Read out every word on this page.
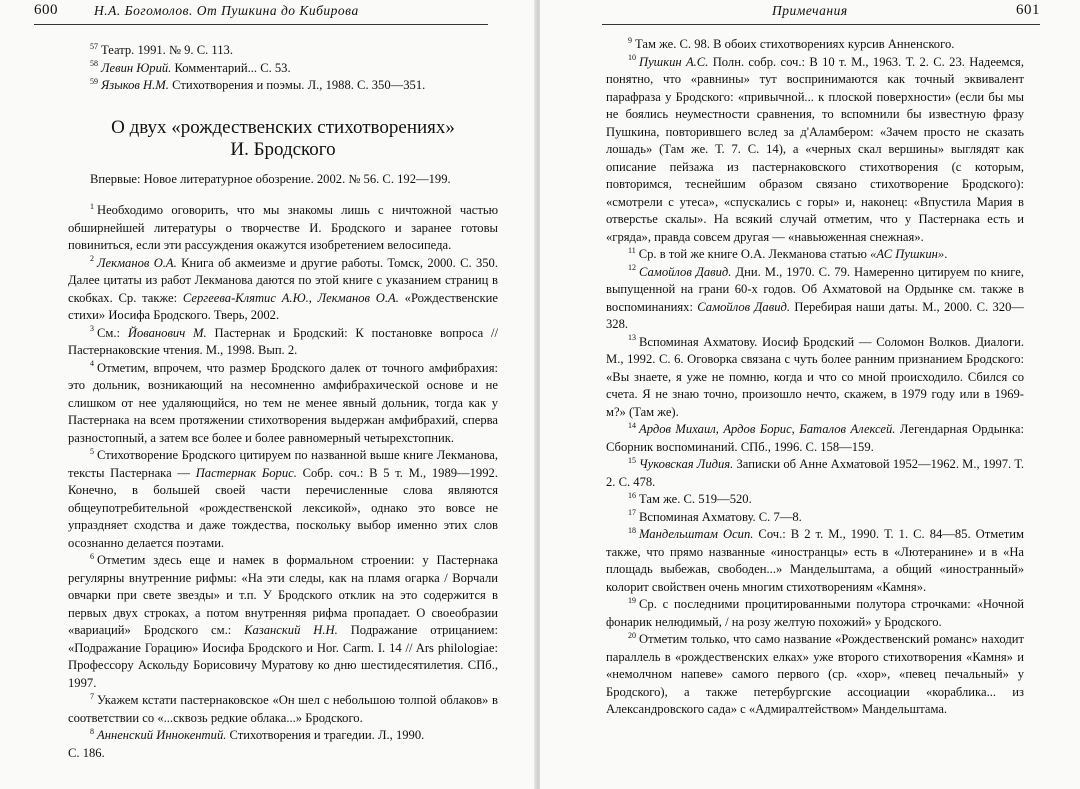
600	Н.А. Богомолов. От Пушкина до Кибирова

$^{57}$ Театр. 1991. № 9. С. 113.

$^{58}$ Левин Юрий. Комментарий... С. 53.

$^{59}$ Языков Н.М. Стихотворения и поэмы. Л., 1988. С. 350—351.

О двух «рождественских стихотворениях»
И. Бродского

Впервые: Новое литературное обозрение. 2002. № 56. С. 192—199.

$^1$ Необходимо оговорить, что мы знакомы лишь с ничтожной частью обширнейшей литературы о творчестве И. Бродского и заранее готовы повиниться, если эти рассуждения окажутся изобретением велосипеда.

$^2$ Лекманов О.А. Книга об акмеизме и другие работы. Томск, 2000. С. 350. Далее цитаты из работ Лекманова даются по этой книге с указанием страниц в скобках. Ср. также: Сергеева-Клятис А.Ю., Лекманов О.А. «Рождественские стихи» Иосифа Бродского. Тверь, 2002.

$^3$ См.: Йованович М. Пастернак и Бродский: К постановке вопроса // Пастернаковские чтения. М., 1998. Вып. 2.

$^4$ Отметим, впрочем, что размер Бродского далек от точного амфибрахия: это дольник, возникающий на несомненно амфибрахической основе и не слишком от нее удаляющийся, но тем не менее явный дольник, тогда как у Пастернака на всем протяжении стихотворения выдержан амфибрахий, сперва разностопный, а затем все более и более равномерный четырехстопник.

$^5$ Стихотворение Бродского цитируем по названной выше книге Лекманова, тексты Пастернака — Пастернак Борис. Собр. соч.: В 5 т. М., 1989—1992. Конечно, в большей своей части перечисленные слова являются общеупотребительной «рождественской лексикой», однако это вовсе не упраздняет сходства и даже тождества, поскольку выбор именно этих слов осознанно делается поэтами.

$^6$ Отметим здесь еще и намек в формальном строении: у Пастернака регулярны внутренние рифмы: «На эти следы, как на пламя огарка / Ворчали овчарки при свете звезды» и т.п. У Бродского отклик на это содержится в первых двух строках, а потом внутренняя рифма пропадает. О своеобразии «вариаций» Бродского см.: Казанский Н.Н. Подражание отрицанием: «Подражание Горацию» Иосифа Бродского и Hor. Carm. I. 14 // Ars philologiae: Профессору Аскольду Борисовичу Муратову ко дню шестидесятилетия. СПб., 1997.

$^7$ Укажем кстати пастернаковское «Он шел с небольшою толпой облаков» в соответствии со «...сквозь редкие облака...» Бродского.

$^8$ Анненский Иннокентий. Стихотворения и трагедии. Л., 1990.

С. 186.

Примечания	601

$^9$ Там же. С. 98. В обоих стихотворениях курсив Анненского.

$^{10}$ Пушкин А.С. Полн. собр. соч.: В 10 т. М., 1963. Т. 2. С. 23. Надеемся, понятно, что «равнины» тут воспринимаются как точный эквивалент парафраза у Бродского: «привычной... к плоской поверхности» (если бы мы не боялись неуместности сравнения, то вспомнили бы известную фразу Пушкина, повторившего вслед за д'Аламбером: «Зачем просто не сказать лошадь» (Там же. Т. 7. С. 14), а «черных скал вершины» выглядят как описание пейзажа из пастернаковского стихотворения (с которым, повторимся, теснейшим образом связано стихотворение Бродского): «смотрели с утеса», «спускались с горы» и, наконец: «Впустила Мария в отверстье скалы». На всякий случай отметим, что у Пастернака есть и «гряда», правда совсем другая — «навьюженная снежная».

$^{11}$ Ср. в той же книге О.А. Лекманова статью «АС Пушкин».

$^{12}$ Самойлов Давид. Дни. М., 1970. С. 79. Намеренно цитируем по книге, выпущенной на грани 60-х годов. Об Ахматовой на Ордынке см. также в воспоминаниях: Самойлов Давид. Перебирая наши даты. М., 2000. С. 320—328.

$^{13}$ Вспоминая Ахматову. Иосиф Бродский — Соломон Волков. Диалоги. М., 1992. С. 6. Оговорка связана с чуть более ранним признанием Бродского: «Вы знаете, я уже не помню, когда и что со мной происходило. Сбился со счета. Я не знаю точно, произошло нечто, скажем, в 1979 году или в 1969-м?» (Там же).

$^{14}$ Ардов Михаил, Ардов Борис, Баталов Алексей. Легендарная Ордынка: Сборник воспоминаний. СПб., 1996. С. 158—159.

$^{15}$ Чуковская Лидия. Записки об Анне Ахматовой 1952—1962. М., 1997. Т. 2. С. 478.

$^{16}$ Там же. С. 519—520.

$^{17}$ Вспоминая Ахматову. С. 7—8.

$^{18}$ Мандельштам Осип. Соч.: В 2 т. М., 1990. Т. 1. С. 84—85. Отметим также, что прямо названные «иностранцы» есть в «Лютеранине» и в «На площадь выбежав, свободен...» Мандельштама, а общий «иностранный» колорит свойствен очень многим стихотворениям «Камня».

$^{19}$ Ср. с последними процитированными полутора строчками: «Ночной фонарик нелюдимый, / на розу желтую похожий» у Бродского.

$^{20}$ Отметим только, что само название «Рождественский романс» находит параллель в «рождественских елках» уже второго стихотворения «Камня» и «немолчном напеве» самого первого (ср. «хор», «певец печальный» у Бродского), а также петербургские ассоциации «кораблика... из Александровского сада» с «Адмиралтейством» Мандельштама.
